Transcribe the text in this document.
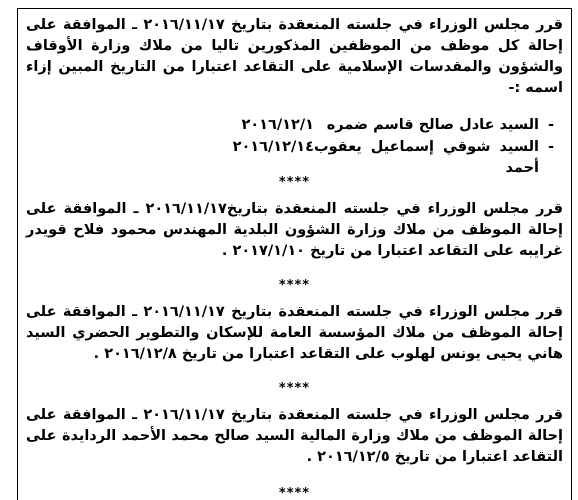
قرر مجلس الوزراء في جلسته المنعقدة بتاريخ ٢٠١٦/١١/١٧ ـ الموافقة على إحالة كل موظف من الموظفين المذكورين تاليا من ملاك وزارة الأوقاف والشؤون والمقدسات الإسلامية على التقاعد اعتبارا من التاريخ المبين إزاء اسمه :-

-
السيد عادل صالح قاسم ضمره
٢٠١٦/١٢/١
-
السيد شوقي إسماعيل يعقوب أحمد
٢٠١٦/١٢/١٤
****

قرر مجلس الوزراء في جلسته المنعقدة بتاريخ٢٠١٦/١١/١٧ ـ الموافقة على إحالة الموظف من ملاك وزارة الشؤون البلدية المهندس محمود فلاح قويدر غرايبه على التقاعد اعتبارا من تاريخ ٢٠١٧/١/١٠ .

****

قرر مجلس الوزراء في جلسته المنعقدة بتاريخ ٢٠١٦/١١/١٧ ـ الموافقة على إحالة الموظف من ملاك المؤسسة العامة للإسكان والتطوير الحضري السيد هاني يحيى يونس لهلوب على التقاعد اعتبارا من تاريخ ٢٠١٦/١٢/٨ .

****

قرر مجلس الوزراء في جلسته المنعقدة بتاريخ ٢٠١٦/١١/١٧ ـ الموافقة على إحالة الموظف من ملاك وزارة المالية السيد صالح محمد الأحمد الردايدة على التقاعد اعتبارا من تاريخ ٢٠١٦/١٢/٥ .

****
